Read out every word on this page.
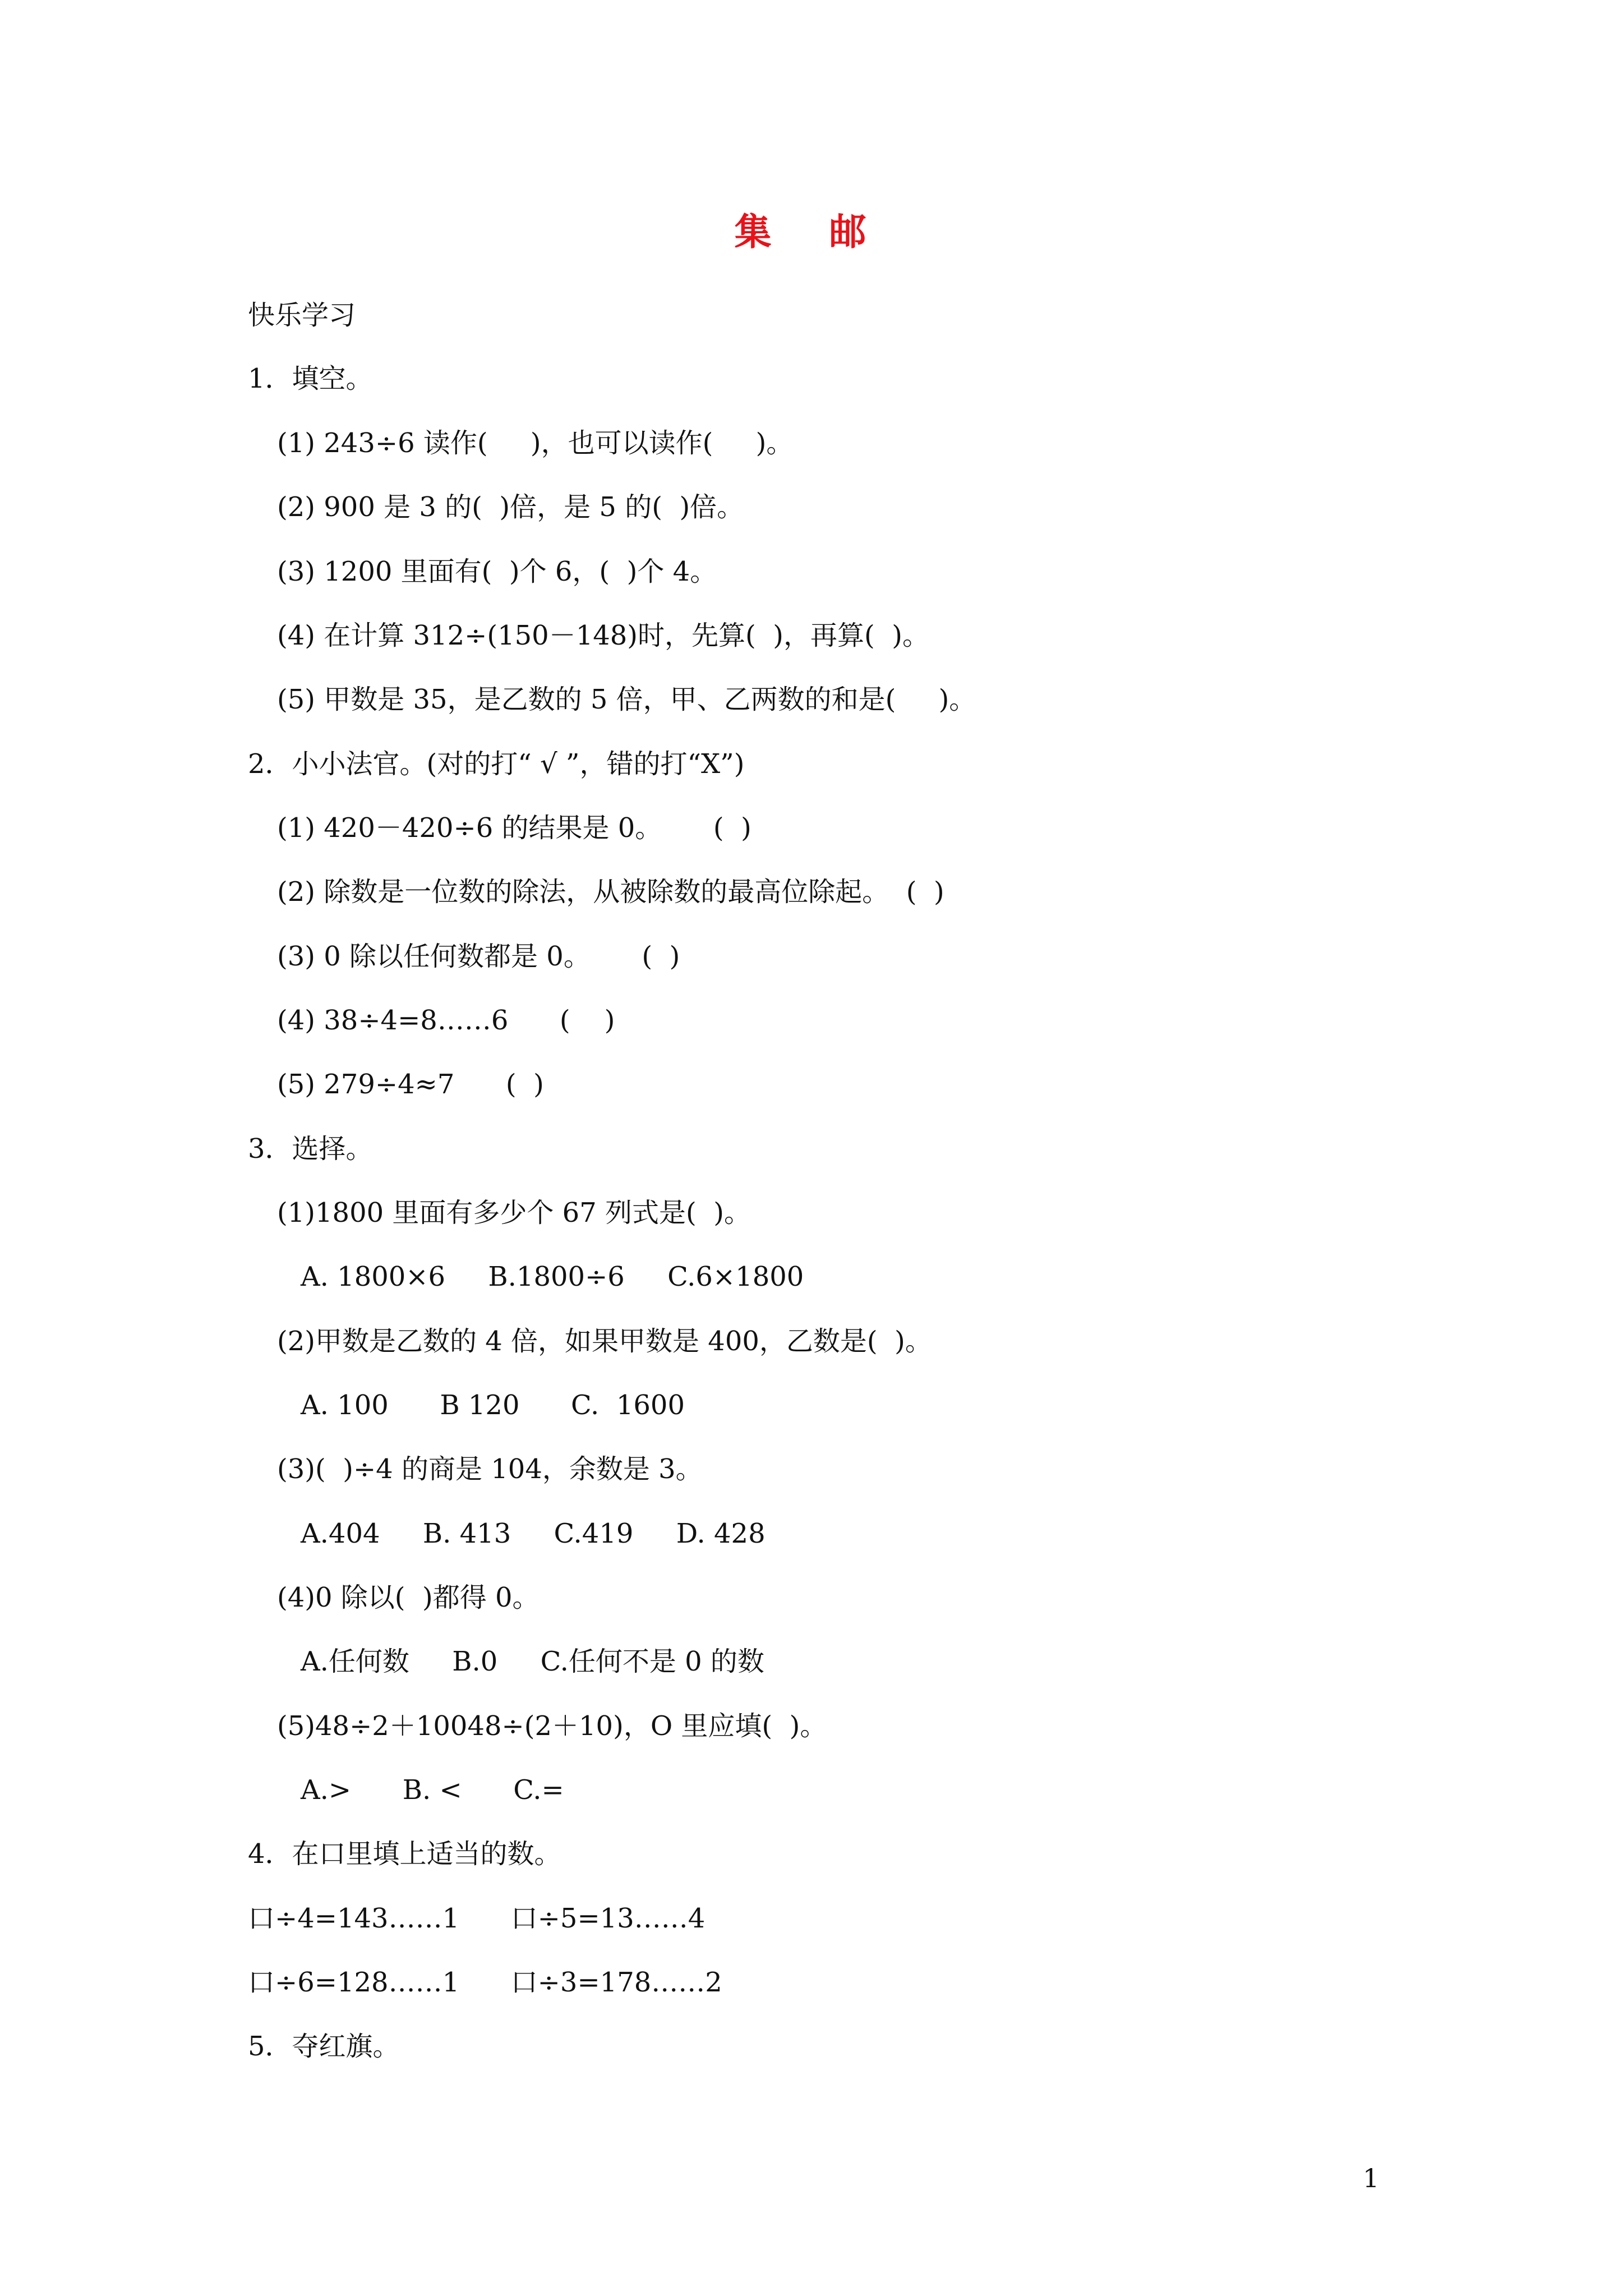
集 邮
快乐学习
1．填空。
(1) 243÷6 读作(     )，也可以读作(     )。
(2) 900 是 3 的(  )倍，是 5 的(  )倍。
(3) 1200 里面有(  )个 6，(  )个 4。
(4) 在计算 312÷(150－148)时，先算(  )，再算(  )。
(5) 甲数是 35，是乙数的 5 倍，甲、乙两数的和是(     )。
2．小小法官。(对的打“ √ ”，错的打“X”)
(1) 420－420÷6 的结果是 0。      (  )
(2) 除数是一位数的除法，从被除数的最高位除起。  (  )
(3) 0 除以任何数都是 0。      (  )
(4) 38÷4=8……6      (    )
(5) 279÷4≈7      (  )
3．选择。
(1)1800 里面有多少个 67 列式是(  )。
A. 1800×6     B.1800÷6     C.6×1800
(2)甲数是乙数的 4 倍，如果甲数是 400，乙数是(  )。
A. 100      B 120      C.  1600
(3)(  )÷4 的商是 104，余数是 3。
A.404     B. 413     C.419     D. 428
(4)0 除以(  )都得 0。
A.任何数     B.0     C.任何不是 0 的数
(5)48÷2＋10048÷(2＋10)，O 里应填(  )。
A.>      B. <      C.=
4．在口里填上适当的数。
口÷4=143……1      口÷5=13……4
口÷6=128……1      口÷3=178……2
5．夺红旗。
1
